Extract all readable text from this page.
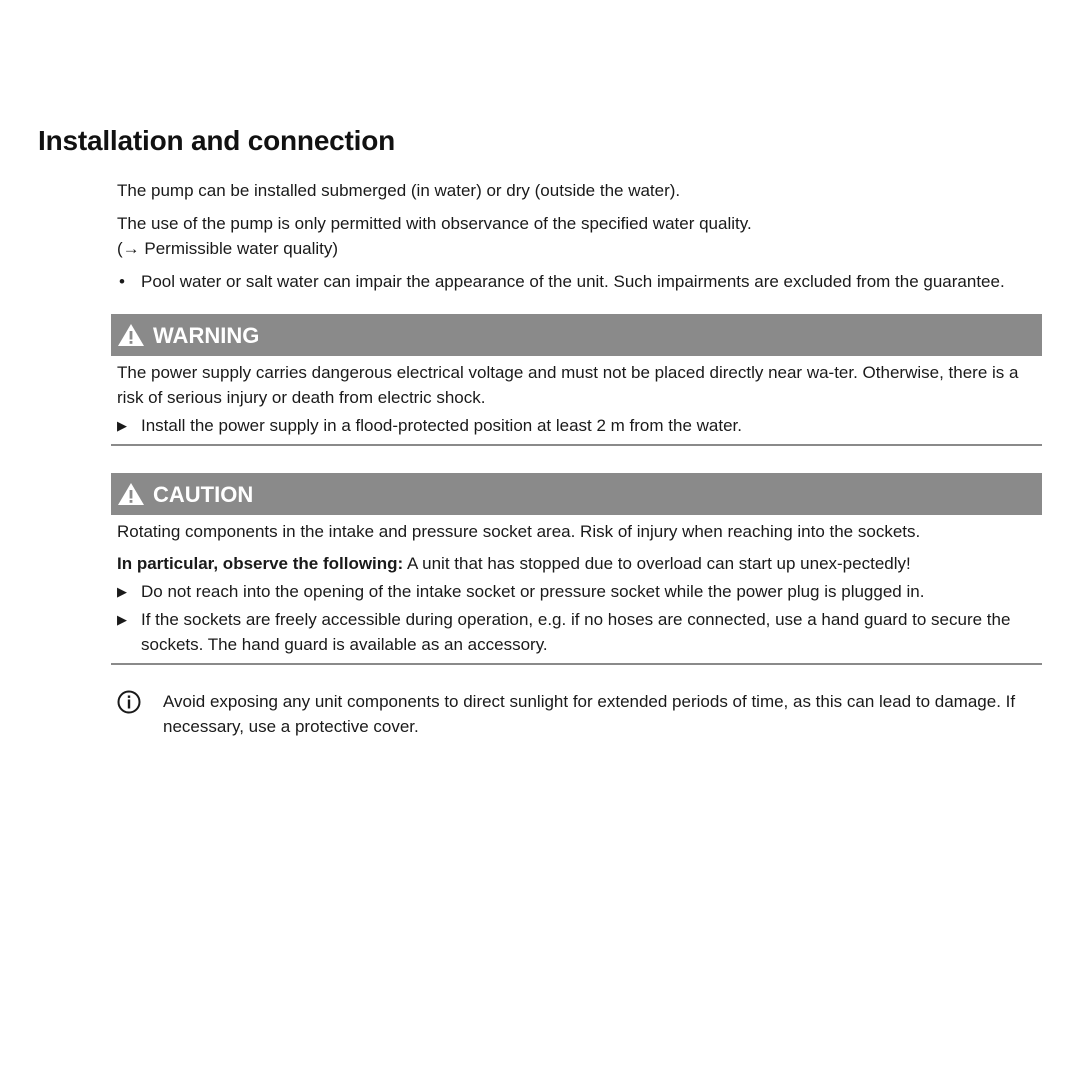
Installation and connection

The pump can be installed submerged (in water) or dry (outside the water).

The use of the pump is only permitted with observance of the specified water quality.

(→ Permissible water quality)

• Pool water or salt water can impair the appearance of the unit. Such impairments are excluded from the guarantee.

WARNING

The power supply carries dangerous electrical voltage and must not be placed directly near wa-ter. Otherwise, there is a risk of serious injury or death from electric shock.

▶ Install the power supply in a flood-protected position at least 2 m from the water.

CAUTION

Rotating components in the intake and pressure socket area. Risk of injury when reaching into the sockets.

In particular, observe the following: A unit that has stopped due to overload can start up unex-pectedly!

▶ Do not reach into the opening of the intake socket or pressure socket while the power plug is plugged in.

▶ If the sockets are freely accessible during operation, e.g. if no hoses are connected, use a hand guard to secure the sockets. The hand guard is available as an accessory.

Avoid exposing any unit components to direct sunlight for extended periods of time, as this can lead to damage. If necessary, use a protective cover.
